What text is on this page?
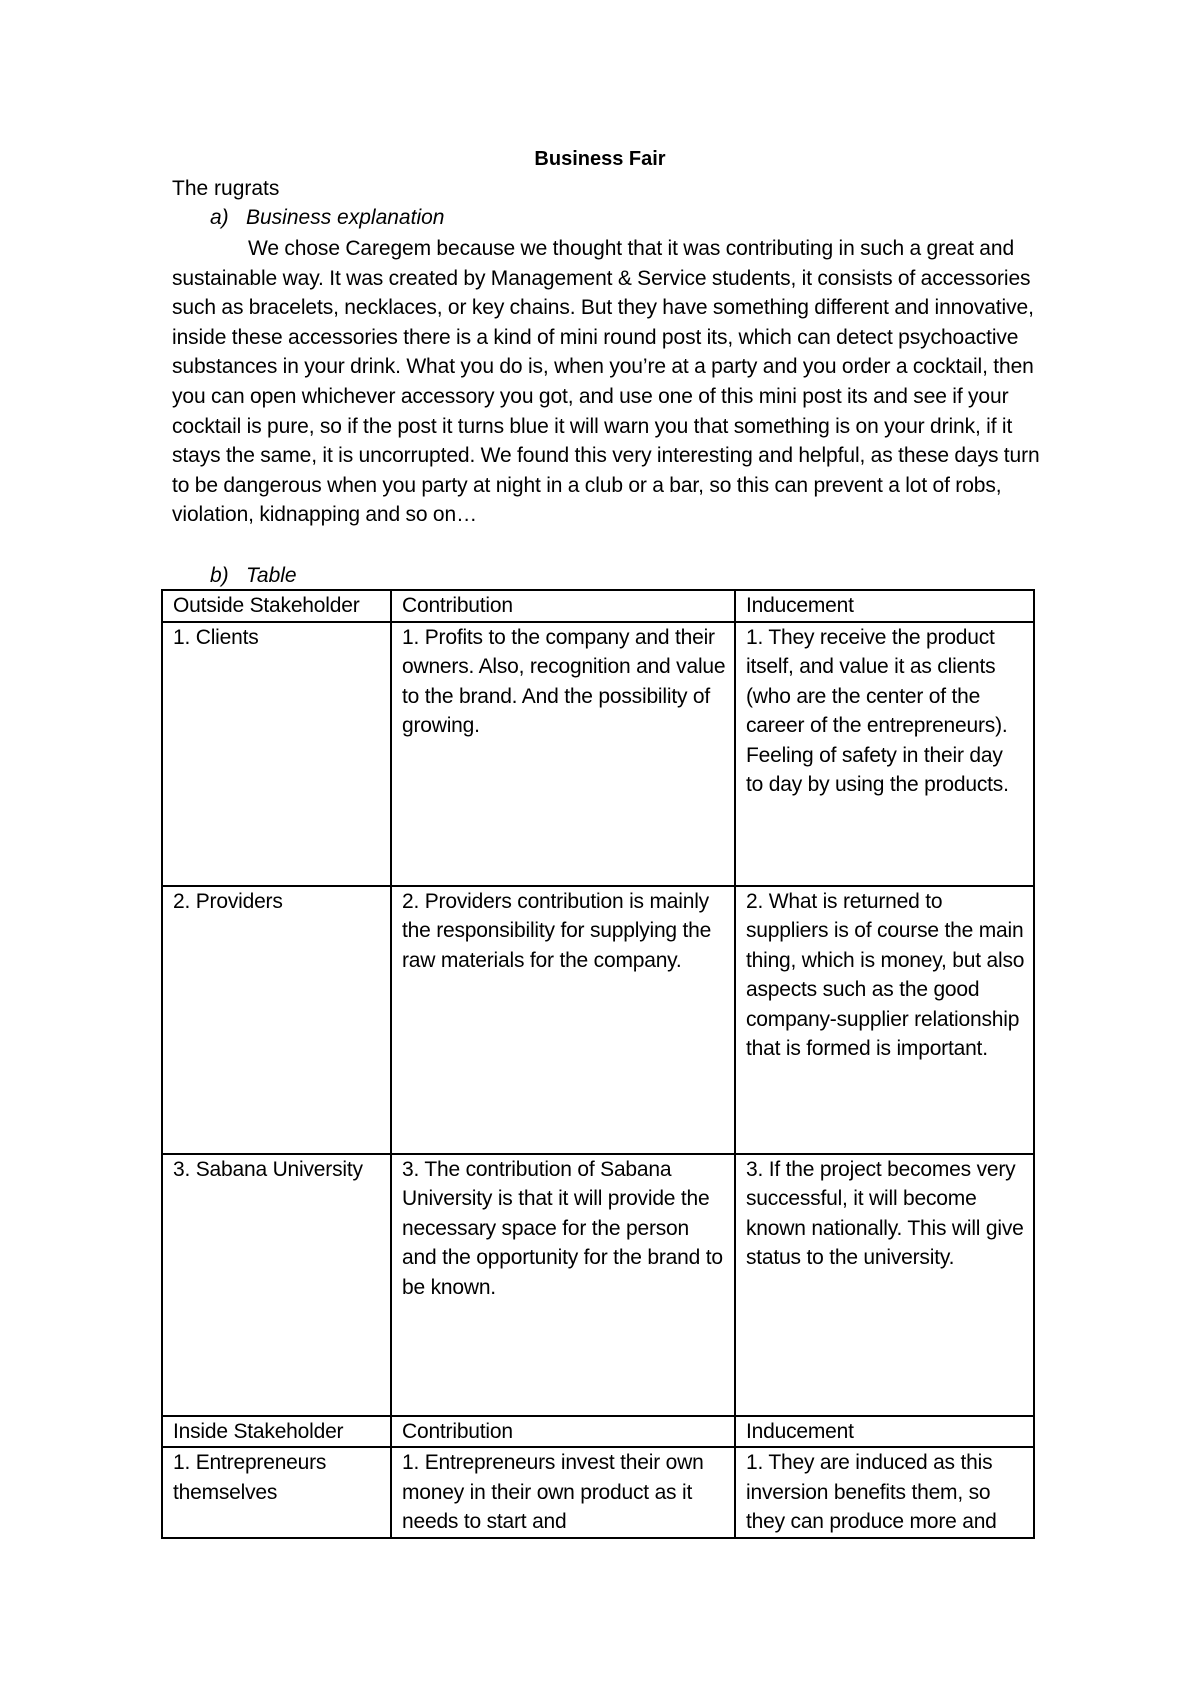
Business Fair
The rugrats
a) Business explanation
We chose Caregem because we thought that it was contributing in such a great and sustainable way. It was created by Management & Service students, it consists of accessories such as bracelets, necklaces, or key chains. But they have something different and innovative, inside these accessories there is a kind of mini round post its, which can detect psychoactive substances in your drink. What you do is, when you’re at a party and you order a cocktail, then you can open whichever accessory you got, and use one of this mini post its and see if your cocktail is pure, so if the post it turns blue it will warn you that something is on your drink, if it stays the same, it is uncorrupted. We found this very interesting and helpful, as these days turn to be dangerous when you party at night in a club or a bar, so this can prevent a lot of robs, violation, kidnapping and so on…
b) Table
Outside Stakeholder	Contribution	Inducement
1. Clients	1. Profits to the company and their owners. Also, recognition and value to the brand. And the possibility of growing.	1. They receive the product itself, and value it as clients (who are the center of the career of the entrepreneurs). Feeling of safety in their day to day by using the products.
2. Providers	2. Providers contribution is mainly the responsibility for supplying the raw materials for the company.	2. What is returned to suppliers is of course the main thing, which is money, but also aspects such as the good company-supplier relationship that is formed is important.
3. Sabana University	3. The contribution of Sabana University is that it will provide the necessary space for the person and the opportunity for the brand to be known.	3. If the project becomes very successful, it will become known nationally. This will give status to the university.
Inside Stakeholder	Contribution	Inducement
1. Entrepreneurs themselves	1. Entrepreneurs invest their own money in their own product as it needs to start and	1. They are induced as this inversion benefits them, so they can produce more and
